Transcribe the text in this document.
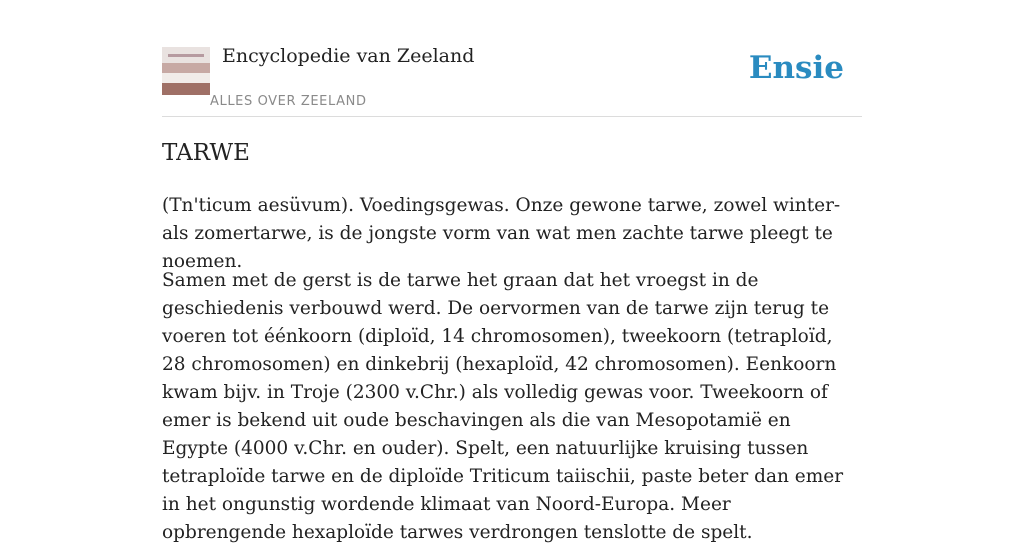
Encyclopedie van Zeeland
ALLES OVER ZEELAND
Ensie
TARWE

(Tn'ticum aesüvum). Voedingsgewas. Onze gewone tarwe, zowel winter- als zomertarwe, is de jongste vorm van wat men zachte tarwe pleegt te noemen.

Samen met de gerst is de tarwe het graan dat het vroegst in de geschiedenis verbouwd werd. De oervormen van de tarwe zijn terug te voeren tot éénkoorn (diploïd, 14 chromosomen), tweekoorn (tetraploïd, 28 chromosomen) en dinkebrij (hexaploïd, 42 chromosomen). Eenkoorn kwam bijv. in Troje (2300 v.Chr.) als volledig gewas voor. Tweekoorn of emer is bekend uit oude beschavingen als die van Mesopotamië en Egypte (4000 v.Chr. en ouder). Spelt, een natuurlijke kruising tussen tetraploïde tarwe en de diploïde Triticum taiischii, paste beter dan emer in het ongunstig wordende klimaat van Noord-Europa. Meer opbrengende hexaploïde tarwes verdrongen tenslotte de spelt.
